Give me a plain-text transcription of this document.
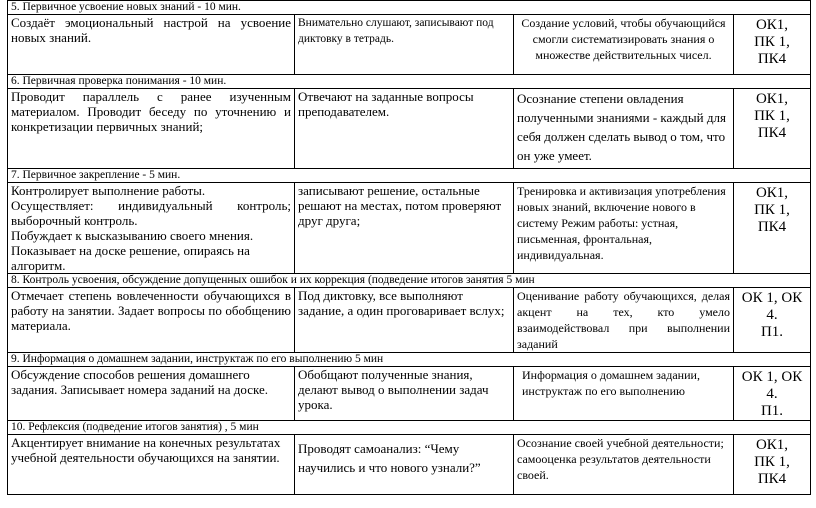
5. Первичное усвоение новых знаний - 10 мин.			
Создаёт эмоциональный настрой на усвоение новых знаний.	Внимательно слушают, записывают под диктовку в тетрадь.	Создание условий, чтобы обучающийся смогли систематизировать знания о множестве действительных чисел.	ОК1,
ПК 1,
ПК4

6. Первичная проверка понимания - 10 мин.			
Проводит параллель с ранее изученным материалом. Проводит беседу по уточнению и конкретизации первичных знаний;	Отвечают на заданные вопросы преподавателем.	Осознание степени овладения полученными знаниями - каждый для себя должен сделать вывод о том, что он уже умеет.	ОК1,
ПК 1,
ПК4

7. Первичное закрепление - 5 мин.			

Контролирует выполнение работы.
Осуществляет: индивидуальный контроль; выборочный контроль.
Побуждает к высказыванию своего мнения.
Показывает на доске решение, опираясь на алгоритм.	записывают решение, остальные решают на местах, потом проверяют друг друга;	Тренировка и активизация употребления новых знаний, включение нового в систему Режим работы: устная, письменная, фронтальная, индивидуальная.	ОК1,
ПК 1,
ПК4

8. Контроль усвоения, обсуждение допущенных ошибок и их коррекция (подведение итогов занятия 5 мин			
Отмечает степень вовлеченности обучающихся в работу на занятии. Задает вопросы по обобщению материала.	Под диктовку, все выполняют задание, а один проговаривает вслух;	Оценивание работу обучающихся, делая акцент на тех, кто умело взаимодействовал при выполнении заданий	ОК 1, ОК 4.
П1.

9. Информация о домашнем задании, инструктаж по его выполнению 5 мин			
Обсуждение способов решения домашнего задания. Записывает номера заданий на доске.	Обобщают полученные знания, делают вывод о выполнении задач урока.	Информация о домашнем задании, инструктаж по его выполнению	ОК 1, ОК 4.
П1.

10. Рефлексия (подведение итогов занятия) , 5 мин			
Акцентирует внимание на конечных результатах учебной деятельности обучающихся на занятии.	Проводят самоанализ: “Чему научились и что нового узнали?”	Осознание своей учебной деятельности; самооценка результатов деятельности своей.	ОК1,
ПК 1,
ПК4
